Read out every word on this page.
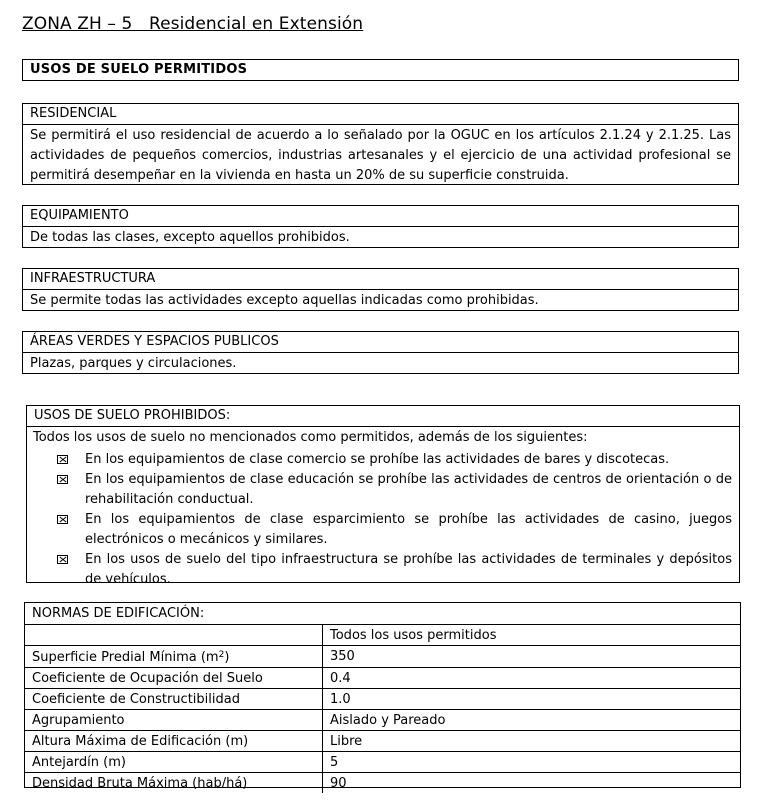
ZONA ZH – 5   Residencial en Extensión
USOS DE SUELO PERMITIDOS
RESIDENCIAL
Se permitirá el uso residencial de acuerdo a lo señalado por la OGUC en los artículos 2.1.24 y 2.1.25. Las actividades de pequeños comercios, industrias artesanales y el ejercicio de una actividad profesional se permitirá desempeñar en la vivienda en hasta un 20% de su superficie construida.
EQUIPAMIENTO
De todas las clases, excepto aquellos prohibidos.
INFRAESTRUCTURA
Se permite todas las actividades excepto aquellas indicadas como prohibidas.
ÁREAS VERDES Y ESPACIOS PUBLICOS
Plazas, parques y circulaciones.
USOS DE SUELO PROHIBIDOS:
Todos los usos de suelo no mencionados como permitidos, además de los siguientes:
En los equipamientos de clase comercio se prohíbe las actividades de bares y discotecas.
En los equipamientos de clase educación se prohíbe las actividades de centros de orientación o de rehabilitación conductual.
En los equipamientos de clase esparcimiento se prohíbe las actividades de casino, juegos electrónicos o mecánicos y similares.
En los usos de suelo del tipo infraestructura se prohíbe las actividades de terminales y depósitos de vehículos.
NORMAS DE EDIFICACIÓN:
	Todos los usos permitidos
Superficie Predial Mínima $(m^2)$	350
Coeficiente de Ocupación del Suelo	0.4
Coeficiente de Constructibilidad	1.0
Agrupamiento	Aislado y Pareado
Altura Máxima de Edificación (m)	Libre
Antejardín (m)	5
Densidad Bruta Máxima (hab/há)	90
